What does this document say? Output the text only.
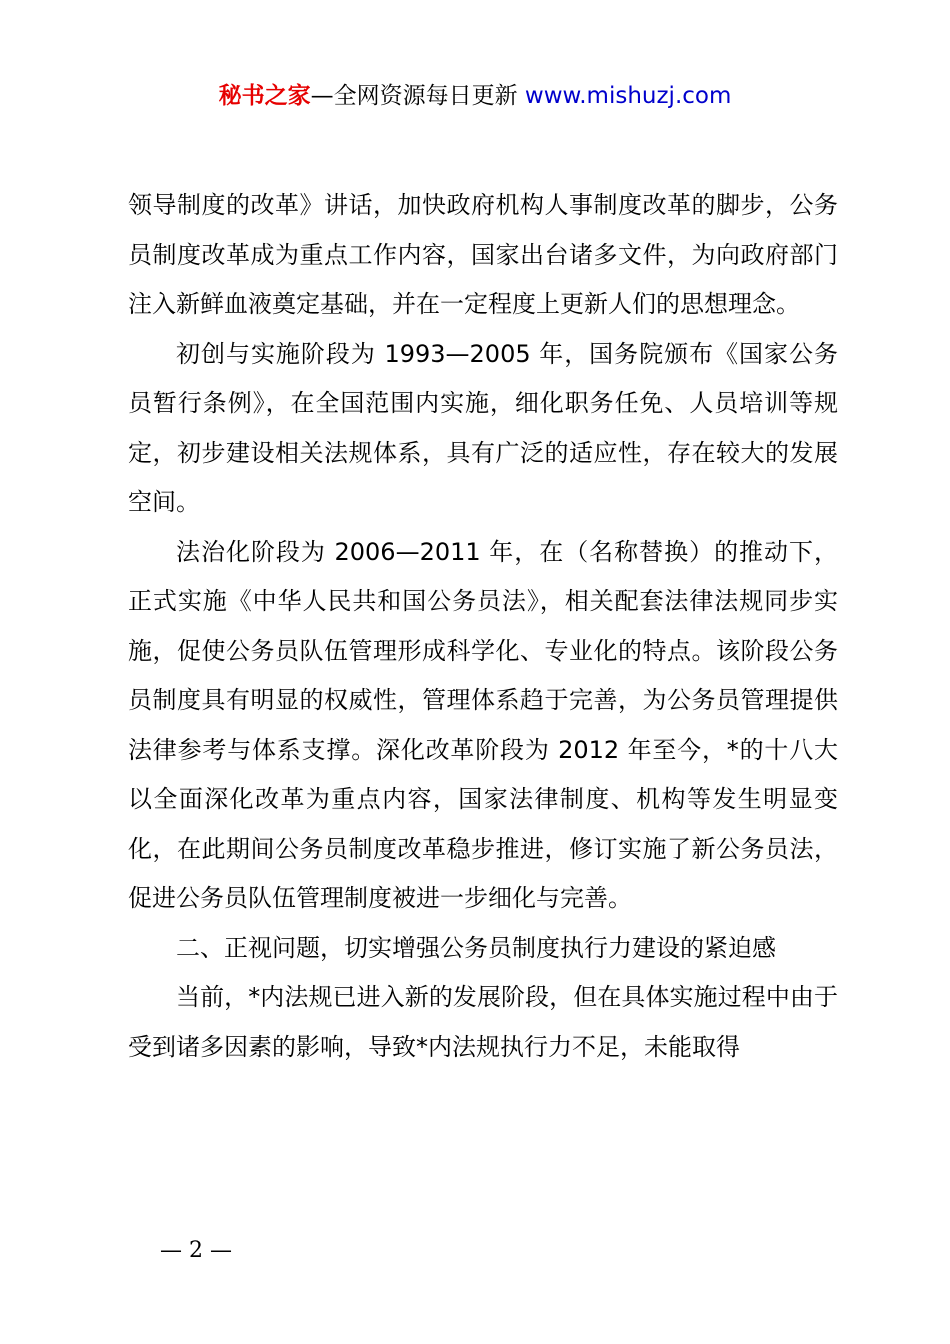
秘书之家—全网资源每日更新 www.mishuzj.com

领导制度的改革》讲话，加快政府机构人事制度改革的脚步，公务员制度改革成为重点工作内容，国家出台诸多文件，为向政府部门注入新鲜血液奠定基础，并在一定程度上更新人们的思想理念。

初创与实施阶段为 1993—2005 年，国务院颁布《国家公务员暂行条例》，在全国范围内实施，细化职务任免、人员培训等规定，初步建设相关法规体系，具有广泛的适应性，存在较大的发展空间。

法治化阶段为 2006—2011 年，在（名称替换）的推动下，正式实施《中华人民共和国公务员法》，相关配套法律法规同步实施，促使公务员队伍管理形成科学化、专业化的特点。该阶段公务员制度具有明显的权威性，管理体系趋于完善，为公务员管理提供法律参考与体系支撑。深化改革阶段为 2012 年至今，*的十八大以全面深化改革为重点内容，国家法律制度、机构等发生明显变化，在此期间公务员制度改革稳步推进，修订实施了新公务员法，促进公务员队伍管理制度被进一步细化与完善。

二、正视问题，切实增强公务员制度执行力建设的紧迫感

当前，*内法规已进入新的发展阶段，但在具体实施过程中由于受到诸多因素的影响，导致*内法规执行力不足，未能取得

— 2 —
